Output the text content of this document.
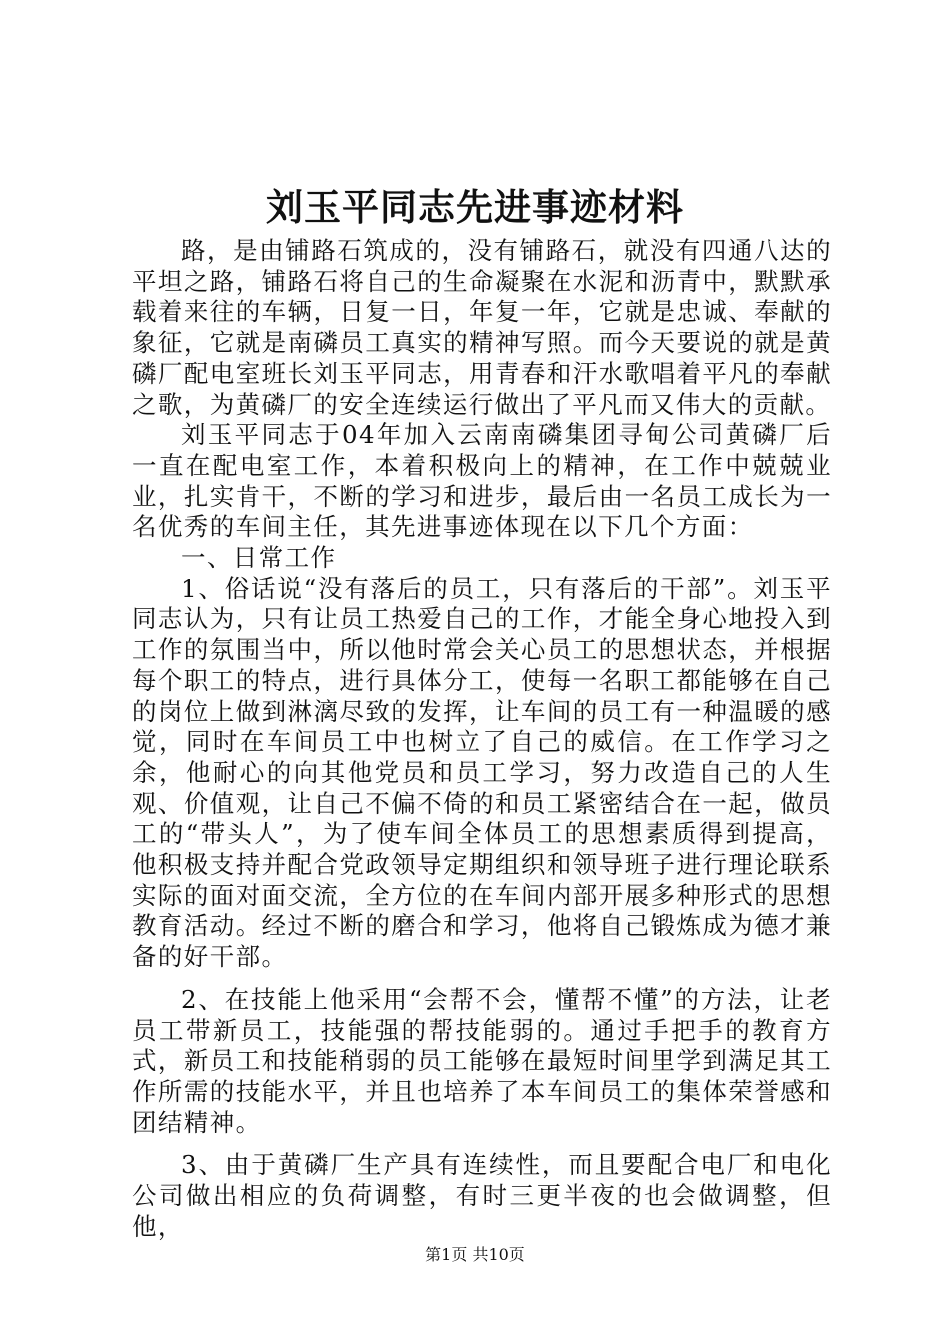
刘玉平同志先进事迹材料

路，是由铺路石筑成的，没有铺路石，就没有四通八达的平坦之路，铺路石将自己的生命凝聚在水泥和沥青中，默默承载着来往的车辆，日复一日，年复一年，它就是忠诚、奉献的象征，它就是南磷员工真实的精神写照。而今天要说的就是黄磷厂配电室班长刘玉平同志，用青春和汗水歌唱着平凡的奉献之歌，为黄磷厂的安全连续运行做出了平凡而又伟大的贡献。

刘玉平同志于04年加入云南南磷集团寻甸公司黄磷厂后一直在配电室工作，本着积极向上的精神，在工作中兢兢业业，扎实肯干，不断的学习和进步，最后由一名员工成长为一名优秀的车间主任，其先进事迹体现在以下几个方面：

一、日常工作

1、俗话说“没有落后的员工，只有落后的干部”。刘玉平同志认为，只有让员工热爱自己的工作，才能全身心地投入到工作的氛围当中，所以他时常会关心员工的思想状态，并根据每个职工的特点，进行具体分工，使每一名职工都能够在自己的岗位上做到淋漓尽致的发挥，让车间的员工有一种温暖的感觉，同时在车间员工中也树立了自己的威信。在工作学习之余，他耐心的向其他党员和员工学习，努力改造自己的人生观、价值观，让自己不偏不倚的和员工紧密结合在一起，做员工的“带头人”，为了使车间全体员工的思想素质得到提高，他积极支持并配合党政领导定期组织和领导班子进行理论联系实际的面对面交流，全方位的在车间内部开展多种形式的思想教育活动。经过不断的磨合和学习，他将自己锻炼成为德才兼备的好干部。

2、在技能上他采用“会帮不会，懂帮不懂”的方法，让老员工带新员工，技能强的帮技能弱的。通过手把手的教育方式，新员工和技能稍弱的员工能够在最短时间里学到满足其工作所需的技能水平，并且也培养了本车间员工的集体荣誉感和团结精神。

3、由于黄磷厂生产具有连续性，而且要配合电厂和电化公司做出相应的负荷调整，有时三更半夜的也会做调整，但他，

第1页 共10页
